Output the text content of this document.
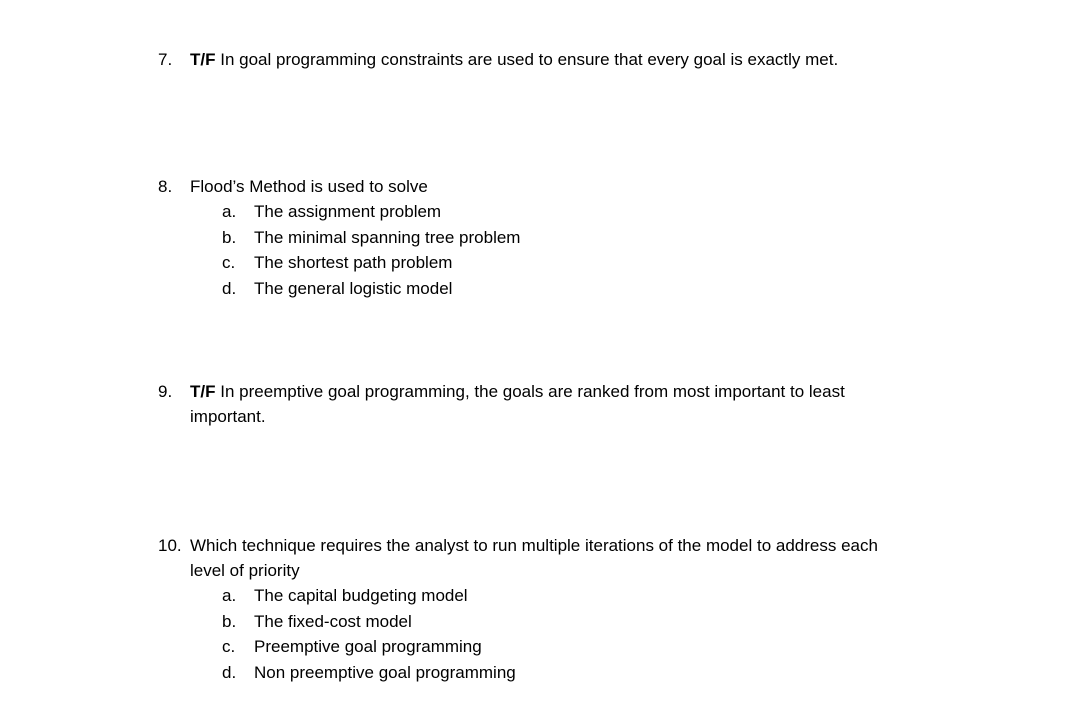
7.	T/F In goal programming constraints are used to ensure that every goal is exactly met.
8.	Flood’s Method is used to solve
a.	The assignment problem
b.	The minimal spanning tree problem
c.	The shortest path problem
d.	The general logistic model
9.	T/F In preemptive goal programming, the goals are ranked from most important to least
important.
10. Which technique requires the analyst to run multiple iterations of the model to address each
level of priority
a.	The capital budgeting model
b.	The fixed-cost model
c.	Preemptive goal programming
d.	Non preemptive goal programming
